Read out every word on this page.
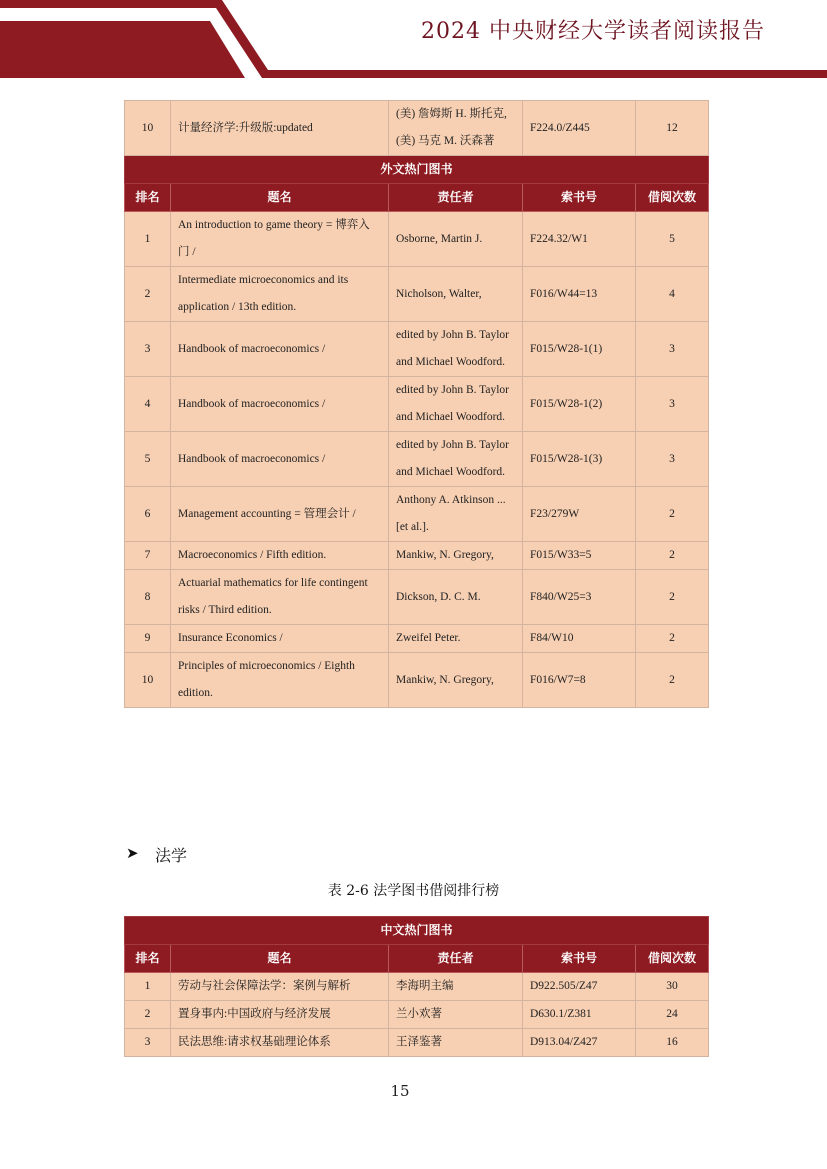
2024 中央财经大学读者阅读报告
10	计量经济学:升级版:updated	(美) 詹姆斯 H. 斯托克, (美) 马克 M. 沃森著	F224.0/Z445	12
外文热门图书				
排名	题名	责任者	索书号	借阅次数
1	An introduction to game theory = 博弈入门 /	Osborne, Martin J.	F224.32/W1	5
2	Intermediate microeconomics and its application / 13th edition.	Nicholson, Walter,	F016/W44=13	4
3	Handbook of macroeconomics /	edited by John B. Taylor and Michael Woodford.	F015/W28-1(1)	3
4	Handbook of macroeconomics /	edited by John B. Taylor and Michael Woodford.	F015/W28-1(2)	3
5	Handbook of macroeconomics /	edited by John B. Taylor and Michael Woodford.	F015/W28-1(3)	3
6	Management accounting = 管理会计 /	Anthony A. Atkinson ...[et al.].	F23/279W	2
7	Macroeconomics / Fifth edition.	Mankiw, N. Gregory,	F015/W33=5	2
8	Actuarial mathematics for life contingent risks / Third edition.	Dickson, D. C. M.	F840/W25=3	2
9	Insurance Economics /	Zweifel Peter.	F84/W10	2
10	Principles of microeconomics / Eighth edition.	Mankiw, N. Gregory,	F016/W7=8	2
➤ 法学
表 2-6 法学图书借阅排行榜
中文热门图书				
排名	题名	责任者	索书号	借阅次数
1	劳动与社会保障法学：案例与解析	李海明主编	D922.505/Z47	30
2	置身事内:中国政府与经济发展	兰小欢著	D630.1/Z381	24
3	民法思维:请求权基础理论体系	王泽鉴著	D913.04/Z427	16
15
